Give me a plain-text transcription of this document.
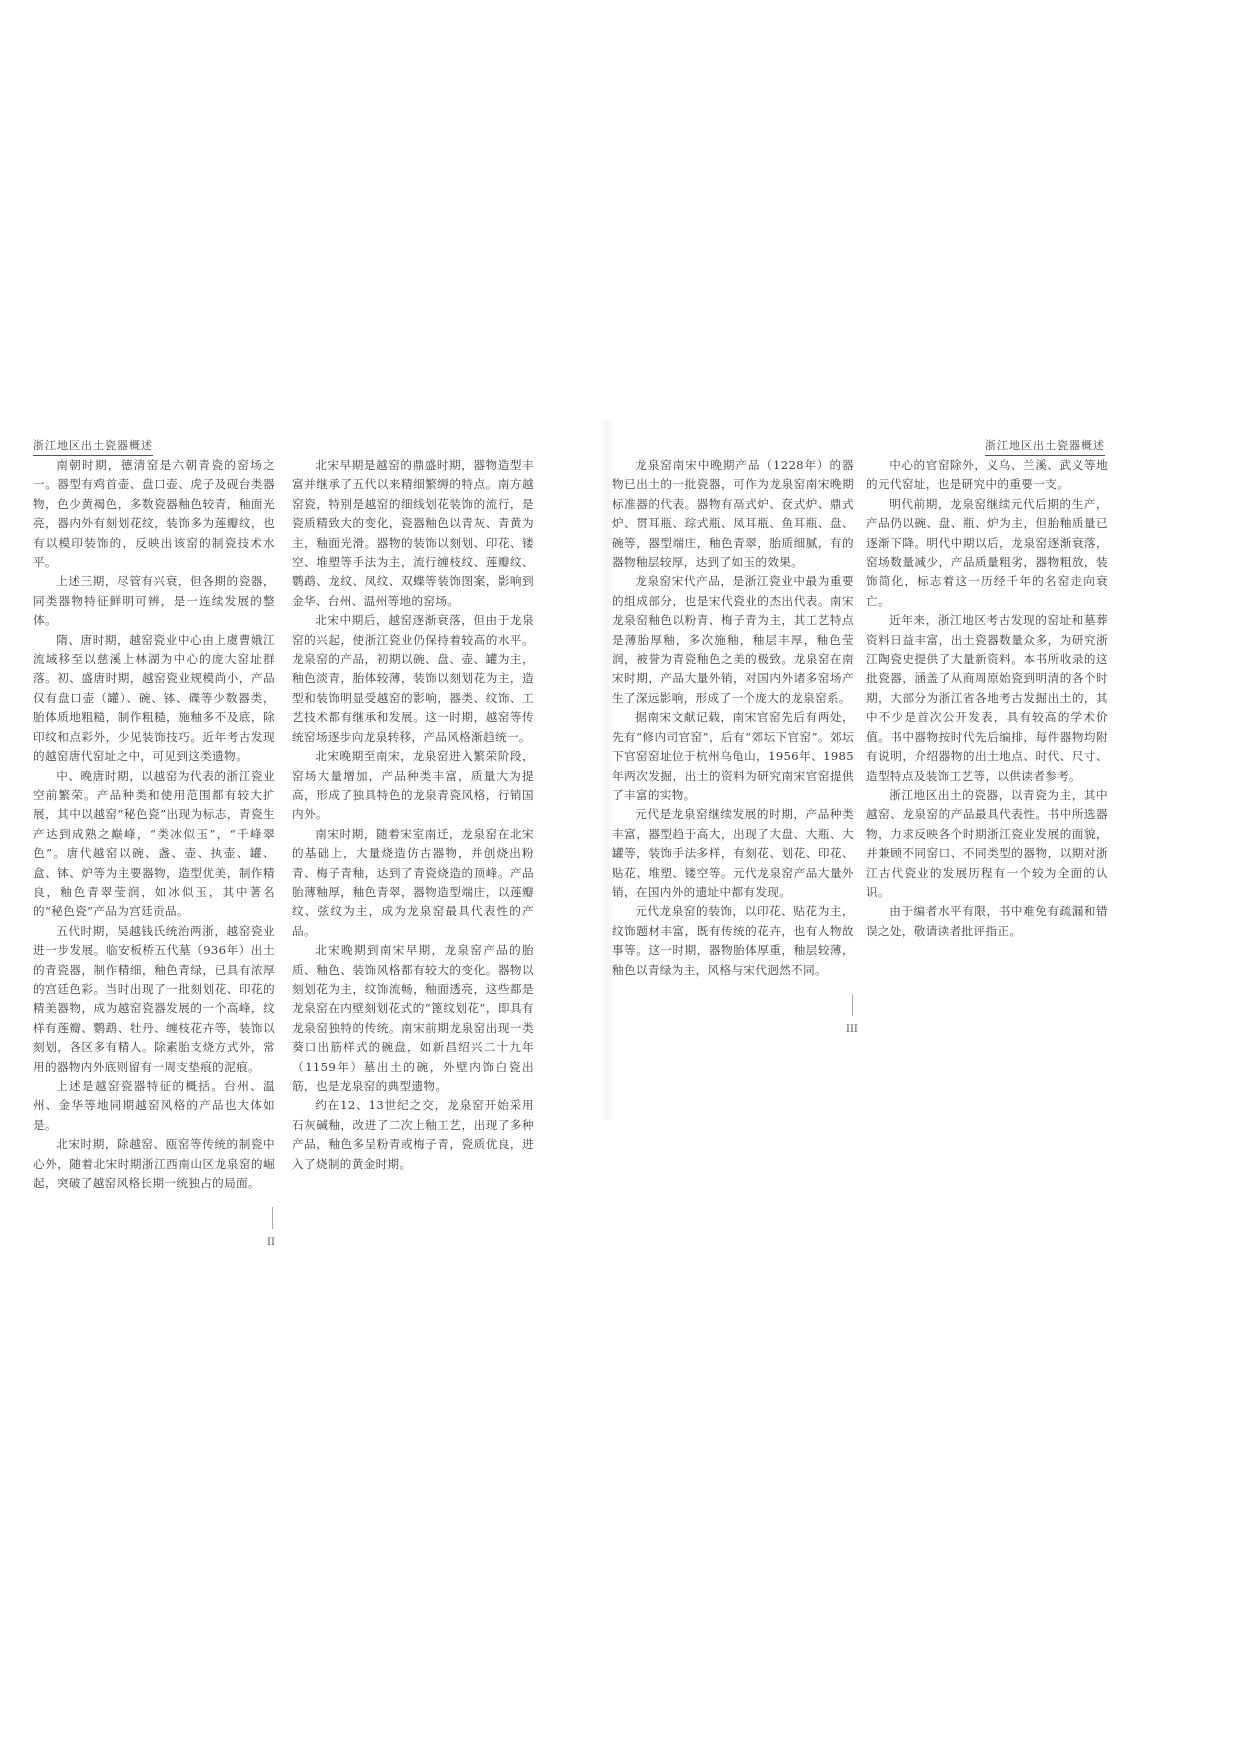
浙江地区出土瓷器概述	浙江地区出土瓷器概述

南朝时期，德清窑是六朝青瓷的窑场之一。器型有鸡首壶、盘口壶、虎子及砚台类器物，色少黄褐色，多数瓷器釉色较青，釉面光亮，器内外有刻划花纹，装饰多为莲瓣纹，也有以模印装饰的，反映出该窑的制瓷技术水平。

上述三期，尽管有兴衰，但各期的瓷器，同类器物特征鲜明可辨，是一连续发展的整体。

隋、唐时期，越窑瓷业中心由上虞曹娥江流域移至以慈溪上林湖为中心的庞大窑址群落。初、盛唐时期，越窑瓷业规模尚小，产品仅有盘口壶（罐）、碗、钵、碟等少数器类，胎体质地粗糙，制作粗糙，施釉多不及底，除印纹和点彩外，少见装饰技巧。近年考古发现的越窑唐代窑址之中，可见到这类遗物。

中、晚唐时期，以越窑为代表的浙江瓷业空前繁荣。产品种类和使用范围都有较大扩展，其中以越窑“秘色瓷”出现为标志，青瓷生产达到成熟之巅峰，“类冰似玉”，“千峰翠色”。唐代越窑以碗、盏、壶、执壶、罐、盒、钵、炉等为主要器物，造型优美，制作精良，釉色青翠莹润，如冰似玉，其中著名的“秘色瓷”产品为宫廷贡品。

五代时期，吴越钱氏统治两浙，越窑瓷业进一步发展。临安板桥五代墓（936年）出土的青瓷器，制作精细，釉色青绿，已具有浓厚的宫廷色彩。当时出现了一批刻划花、印花的精美器物，成为越窑瓷器发展的一个高峰，纹样有莲瓣、鹦鹉、牡丹、缠枝花卉等，装饰以刻划，各区多有精人。除素胎支烧方式外，常用的器物内外底则留有一周支垫痕的泥痕。

上述是越窑瓷器特征的概括。台州、温州、金华等地同期越窑风格的产品也大体如是。

北宋时期，除越窑、瓯窑等传统的制瓷中心外，随着北宋时期浙江西南山区龙泉窑的崛起，突破了越窑风格长期一统独占的局面。

北宋早期是越窑的鼎盛时期，器物造型丰富并继承了五代以来精细繁缛的特点。南方越窑瓷，特别是越窑的细线划花装饰的流行，是瓷质精致大的变化，瓷器釉色以青灰、青黄为主，釉面光滑。器物的装饰以刻划、印花、镂空、堆塑等手法为主，流行缠枝纹、莲瓣纹、鹦鹉、龙纹、凤纹、双蝶等装饰图案，影响到金华、台州、温州等地的窑场。

北宋中期后，越窑逐渐衰落，但由于龙泉窑的兴起，使浙江瓷业仍保持着较高的水平。龙泉窑的产品，初期以碗、盘、壶、罐为主，釉色淡青，胎体较薄，装饰以刻划花为主，造型和装饰明显受越窑的影响，器类、纹饰、工艺技术都有继承和发展。这一时期，越窑等传统窑场逐步向龙泉转移，产品风格渐趋统一。

北宋晚期至南宋，龙泉窑进入繁荣阶段，窑场大量增加，产品种类丰富，质量大为提高，形成了独具特色的龙泉青瓷风格，行销国内外。

南宋时期，随着宋室南迁，龙泉窑在北宋的基础上，大量烧造仿古器物，并创烧出粉青、梅子青釉，达到了青瓷烧造的顶峰。产品胎薄釉厚，釉色青翠，器物造型端庄，以莲瓣纹、弦纹为主，成为龙泉窑最具代表性的产品。

北宋晚期到南宋早期，龙泉窑产品的胎质、釉色、装饰风格都有较大的变化。器物以刻划花为主，纹饰流畅，釉面透亮，这些都是龙泉窑在内壁刻划花式的“篦纹划花”，即具有龙泉窑独特的传统。南宋前期龙泉窑出现一类葵口出筋样式的碗盘，如新昌绍兴二十九年（1159年）墓出土的碗，外壁内饰白瓷出筋，也是龙泉窑的典型遗物。

约在12、13世纪之交，龙泉窑开始采用石灰碱釉，改进了二次上釉工艺，出现了多种产品，釉色多呈粉青或梅子青，瓷质优良，进入了烧制的黄金时期。

II

龙泉窑南宋中晚期产品（1228年）的器物已出土的一批瓷器，可作为龙泉窑南宋晚期标准器的代表。器物有鬲式炉、奁式炉、鼎式炉、贯耳瓶、琮式瓶、凤耳瓶、鱼耳瓶、盘、碗等，器型端庄，釉色青翠，胎质细腻，有的器物釉层较厚，达到了如玉的效果。

龙泉窑宋代产品，是浙江瓷业中最为重要的组成部分，也是宋代瓷业的杰出代表。南宋龙泉窑釉色以粉青、梅子青为主，其工艺特点是薄胎厚釉，多次施釉，釉层丰厚，釉色莹润，被誉为青瓷釉色之美的极致。龙泉窑在南宋时期，产品大量外销，对国内外诸多窑场产生了深远影响，形成了一个庞大的龙泉窑系。

据南宋文献记载，南宋官窑先后有两处，先有“修内司官窑”，后有“郊坛下官窑”。郊坛下官窑窑址位于杭州乌龟山，1956年、1985年两次发掘，出土的资料为研究南宋官窑提供了丰富的实物。

元代是龙泉窑继续发展的时期，产品种类丰富，器型趋于高大，出现了大盘、大瓶、大罐等，装饰手法多样，有刻花、划花、印花、贴花、堆塑、镂空等。元代龙泉窑产品大量外销，在国内外的遗址中都有发现。

元代龙泉窑的装饰，以印花、贴花为主，纹饰题材丰富，既有传统的花卉，也有人物故事等。这一时期，器物胎体厚重，釉层较薄，釉色以青绿为主，风格与宋代迥然不同。

中心的官窑除外，义乌、兰溪、武义等地的元代窑址，也是研究中的重要一支。

明代前期，龙泉窑继续元代后期的生产，产品仍以碗、盘、瓶、炉为主，但胎釉质量已逐渐下降。明代中期以后，龙泉窑逐渐衰落，窑场数量减少，产品质量粗劣，器物粗放，装饰简化，标志着这一历经千年的名窑走向衰亡。

近年来，浙江地区考古发现的窑址和墓葬资料日益丰富，出土瓷器数量众多，为研究浙江陶瓷史提供了大量新资料。本书所收录的这批瓷器，涵盖了从商周原始瓷到明清的各个时期，大部分为浙江省各地考古发掘出土的，其中不少是首次公开发表，具有较高的学术价值。书中器物按时代先后编排，每件器物均附有说明，介绍器物的出土地点、时代、尺寸、造型特点及装饰工艺等，以供读者参考。

浙江地区出土的瓷器，以青瓷为主，其中越窑、龙泉窑的产品最具代表性。书中所选器物，力求反映各个时期浙江瓷业发展的面貌，并兼顾不同窑口、不同类型的器物，以期对浙江古代瓷业的发展历程有一个较为全面的认识。

由于编者水平有限，书中难免有疏漏和错误之处，敬请读者批评指正。

III
